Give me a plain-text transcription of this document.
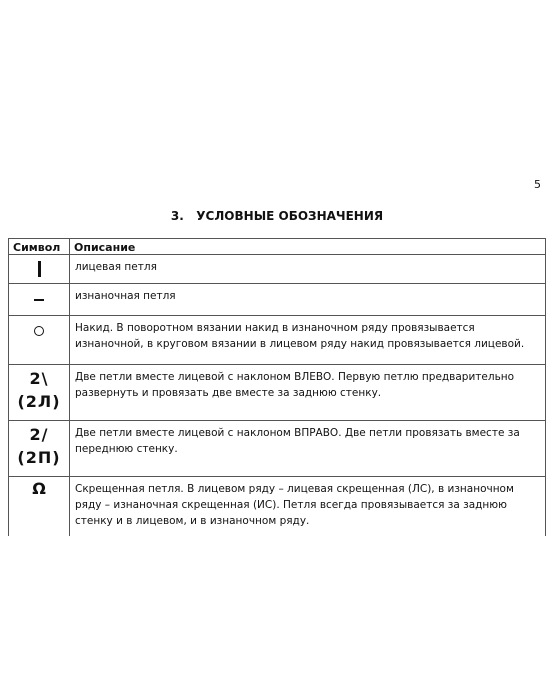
5
3.   УСЛОВНЫЕ ОБОЗНАЧЕНИЯ
Символ	Описание
	лицевая петля
	изнаночная петля
	Накид. В поворотном вязании накид в изнаночном ряду провязывается изнаночной, в круговом вязании в лицевом ряду накид провязывается лицевой.

2\
(2Л)	Две петли вместе лицевой с наклоном ВЛЕВО. Первую петлю предварительно развернуть и провязать две вместе за заднюю стенку.

2/
(2П)	Две петли вместе лицевой с наклоном ВПРАВО. Две петли провязать вместе за переднюю стенку.

Ω	Скрещенная петля. В лицевом ряду – лицевая скрещенная (ЛС), в изнаночном ряду – изнаночная скрещенная (ИС). Петля всегда провязывается за заднюю стенку и в лицевом, и в изнаночном ряду.
